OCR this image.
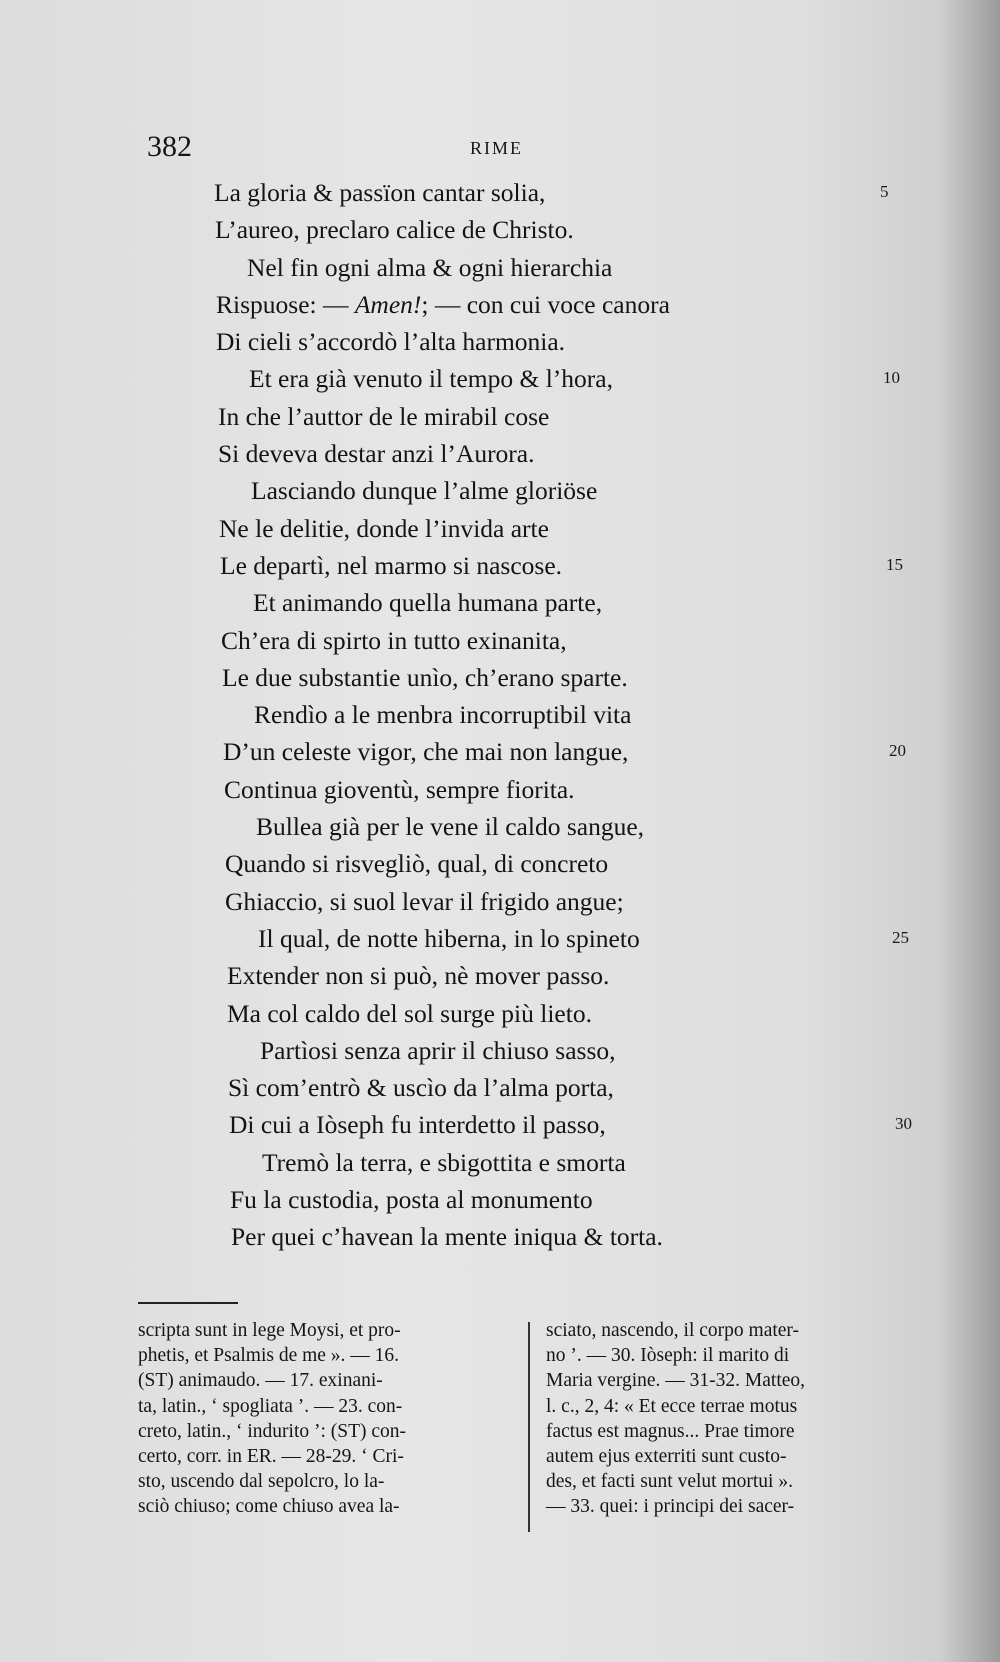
382	RIME
La gloria & passïon cantar solia,	5
L’aureo, preclaro calice de Christo.
Nel fin ogni alma & ogni hierarchia
Rispuose: — Amen!; — con cui voce canora
Di cieli s’accordò l’alta harmonia.
Et era già venuto il tempo & l’hora,	10
In che l’auttor de le mirabil cose
Si deveva destar anzi l’Aurora.
Lasciando dunque l’alme gloriöse
Ne le delitie, donde l’invida arte
Le departì, nel marmo si nascose.	15
Et animando quella humana parte,
Ch’era di spirto in tutto exinanita,
Le due substantie unìo, ch’erano sparte.
Rendìo a le menbra incorruptibil vita
D’un celeste vigor, che mai non langue,	20
Continua gioventù, sempre fiorita.
Bullea già per le vene il caldo sangue,
Quando si risvegliò, qual, di concreto
Ghiaccio, si suol levar il frigido angue;
Il qual, de notte hiberna, in lo spineto	25
Extender non si può, nè mover passo.
Ma col caldo del sol surge più lieto.
Partìosi senza aprir il chiuso sasso,
Sì com’entrò & uscìo da l’alma porta,
Di cui a Iòseph fu interdetto il passo,	30
Tremò la terra, e sbigottita e smorta
Fu la custodia, posta al monumento
Per quei c’havean la mente iniqua & torta.
scripta sunt in lege Moysi, et pro-
phetis, et Psalmis de me ». — 16.
(ST) animaudo. — 17. exinani-
ta, latin., ‘ spogliata ’. — 23. con-
creto, latin., ‘ indurito ’: (ST) con-
certo, corr. in ER. — 28-29. ‘ Cri-
sto, uscendo dal sepolcro, lo la-
sciò chiuso; come chiuso avea la-
sciato, nascendo, il corpo mater-
no ’. — 30. Iòseph: il marito di
Maria vergine. — 31-32. Matteo,
l. c., 2, 4: « Et ecce terrae motus
factus est magnus... Prae timore
autem ejus exterriti sunt custo-
des, et facti sunt velut mortui ».
— 33. quei: i principi dei sacer-
